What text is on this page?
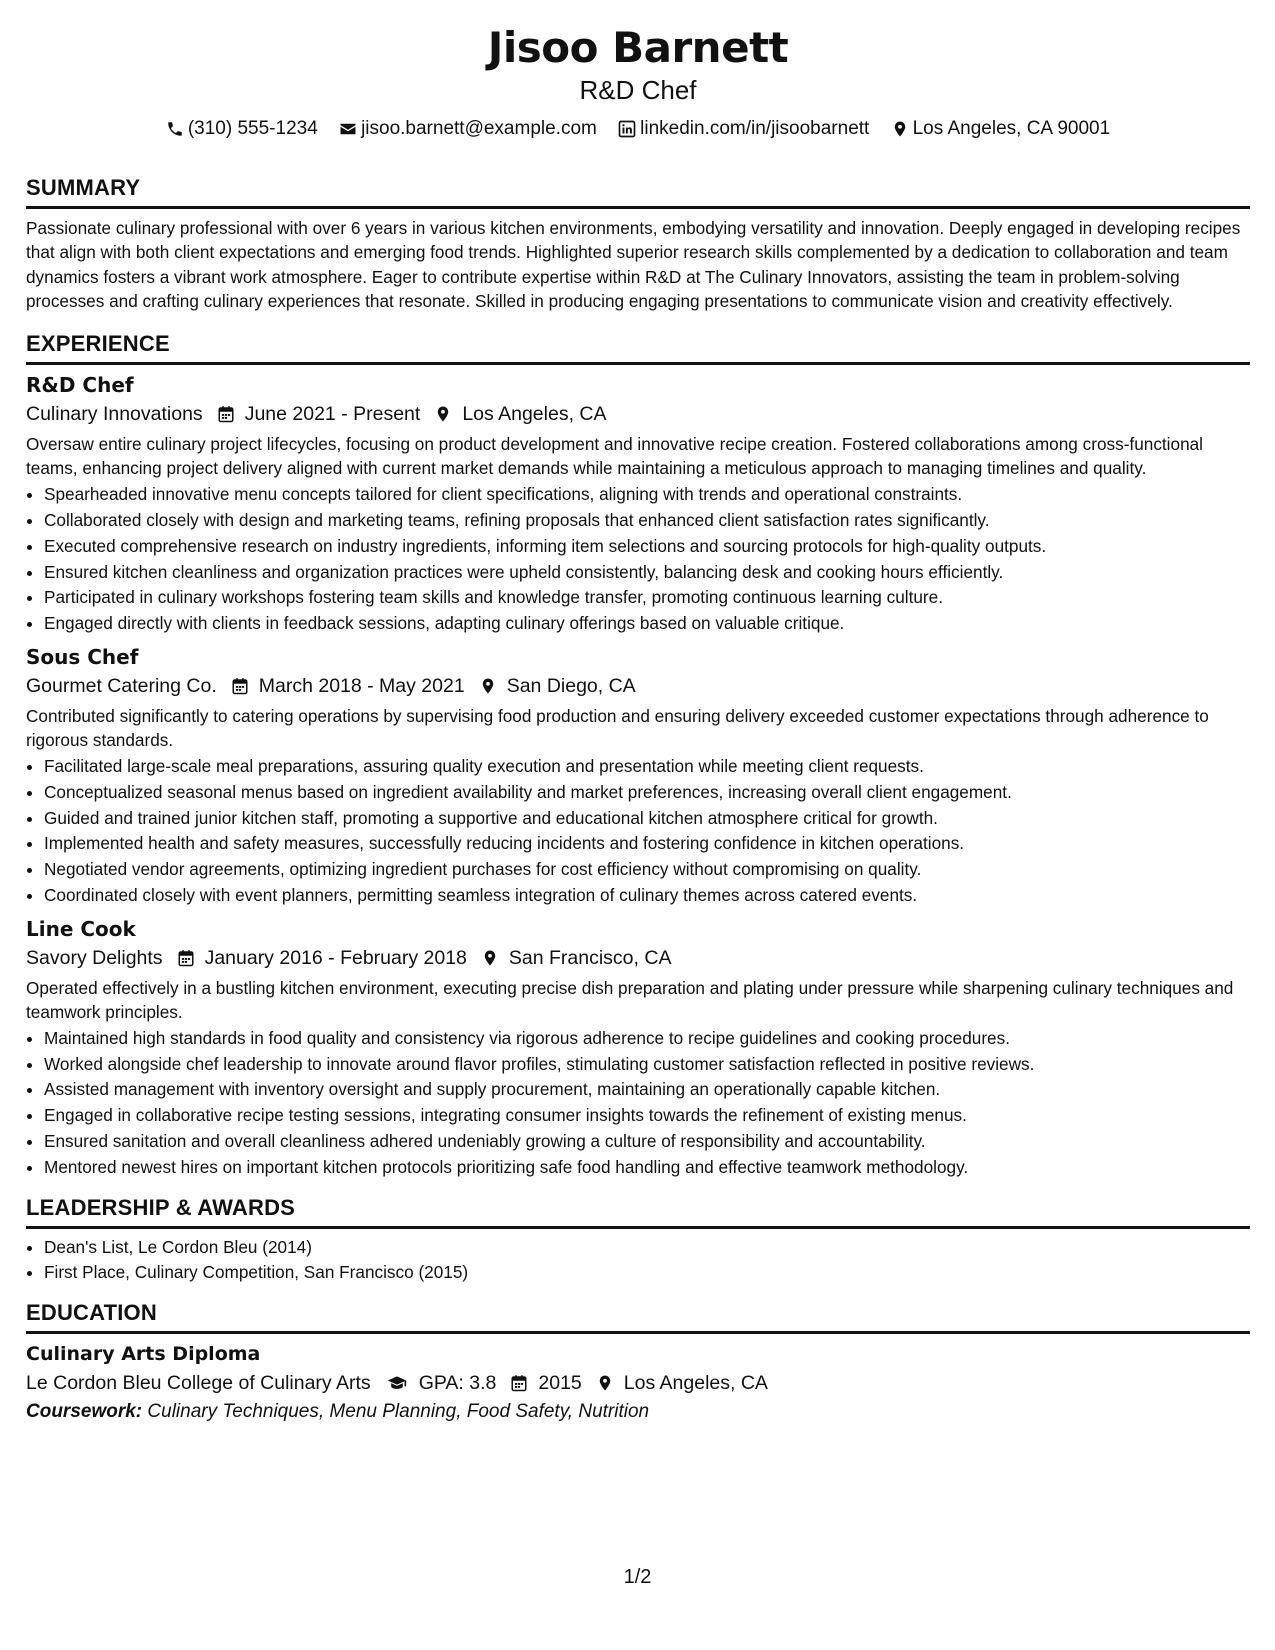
Jisoo Barnett
R&D Chef
(310) 555-1234
jisoo.barnett@example.com
linkedin.com/in/jisoobarnett
Los Angeles, CA 90001
SUMMARY
Passionate culinary professional with over 6 years in various kitchen environments, embodying versatility and innovation. Deeply engaged in developing recipes that align with both client expectations and emerging food trends. Highlighted superior research skills complemented by a dedication to collaboration and team dynamics fosters a vibrant work atmosphere. Eager to contribute expertise within R&D at The Culinary Innovators, assisting the team in problem-solving processes and crafting culinary experiences that resonate. Skilled in producing engaging presentations to communicate vision and creativity effectively.
EXPERIENCE
R&D Chef
Culinary Innovations June 2021 - Present Los Angeles, CA
Oversaw entire culinary project lifecycles, focusing on product development and innovative recipe creation. Fostered collaborations among cross-functional teams, enhancing project delivery aligned with current market demands while maintaining a meticulous approach to managing timelines and quality.
• Spearheaded innovative menu concepts tailored for client specifications, aligning with trends and operational constraints.
• Collaborated closely with design and marketing teams, refining proposals that enhanced client satisfaction rates significantly.
• Executed comprehensive research on industry ingredients, informing item selections and sourcing protocols for high-quality outputs.
• Ensured kitchen cleanliness and organization practices were upheld consistently, balancing desk and cooking hours efficiently.
• Participated in culinary workshops fostering team skills and knowledge transfer, promoting continuous learning culture.
• Engaged directly with clients in feedback sessions, adapting culinary offerings based on valuable critique.
Sous Chef
Gourmet Catering Co. March 2018 - May 2021 San Diego, CA
Contributed significantly to catering operations by supervising food production and ensuring delivery exceeded customer expectations through adherence to rigorous standards.
• Facilitated large-scale meal preparations, assuring quality execution and presentation while meeting client requests.
• Conceptualized seasonal menus based on ingredient availability and market preferences, increasing overall client engagement.
• Guided and trained junior kitchen staff, promoting a supportive and educational kitchen atmosphere critical for growth.
• Implemented health and safety measures, successfully reducing incidents and fostering confidence in kitchen operations.
• Negotiated vendor agreements, optimizing ingredient purchases for cost efficiency without compromising on quality.
• Coordinated closely with event planners, permitting seamless integration of culinary themes across catered events.
Line Cook
Savory Delights January 2016 - February 2018 San Francisco, CA
Operated effectively in a bustling kitchen environment, executing precise dish preparation and plating under pressure while sharpening culinary techniques and teamwork principles.
• Maintained high standards in food quality and consistency via rigorous adherence to recipe guidelines and cooking procedures.
• Worked alongside chef leadership to innovate around flavor profiles, stimulating customer satisfaction reflected in positive reviews.
• Assisted management with inventory oversight and supply procurement, maintaining an operationally capable kitchen.
• Engaged in collaborative recipe testing sessions, integrating consumer insights towards the refinement of existing menus.
• Ensured sanitation and overall cleanliness adhered undeniably growing a culture of responsibility and accountability.
• Mentored newest hires on important kitchen protocols prioritizing safe food handling and effective teamwork methodology.
LEADERSHIP & AWARDS
• Dean's List, Le Cordon Bleu (2014)
• First Place, Culinary Competition, San Francisco (2015)
EDUCATION
Culinary Arts Diploma
Le Cordon Bleu College of Culinary Arts GPA: 3.8 2015 Los Angeles, CA
Coursework: Culinary Techniques, Menu Planning, Food Safety, Nutrition
1/2
